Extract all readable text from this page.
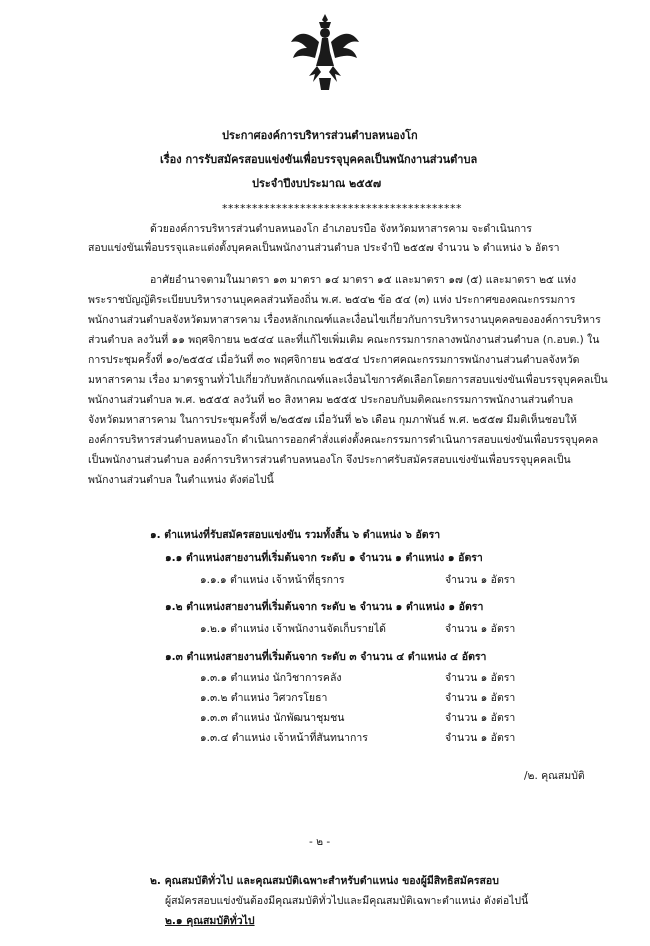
ประกาศองค์การบริหารส่วนตำบลหนองโก
เรื่อง การรับสมัครสอบแข่งขันเพื่อบรรจุบุคคลเป็นพนักงานส่วนตำบล
ประจำปีงบประมาณ ๒๕๕๗
****************************************
ด้วยองค์การบริหารส่วนตำบลหนองโก อำเภอบรบือ จังหวัดมหาสารคาม จะดำเนินการ
สอบแข่งขันเพื่อบรรจุและแต่งตั้งบุคคลเป็นพนักงานส่วนตำบล ประจำปี ๒๕๕๗ จำนวน ๖ ตำแหน่ง ๖ อัตรา
อาศัยอำนาจตามในมาตรา ๑๓ มาตรา ๑๔ มาตรา ๑๕ และมาตรา ๑๗ (๕) และมาตรา ๒๕ แห่ง
พระราชบัญญัติระเบียบบริหารงานบุคคลส่วนท้องถิ่น พ.ศ. ๒๕๔๒ ข้อ ๕๔ (๓) แห่ง ประกาศของคณะกรรมการ
พนักงานส่วนตำบลจังหวัดมหาสารคาม เรื่องหลักเกณฑ์และเงื่อนไขเกี่ยวกับการบริหารงานบุคคลขององค์การบริหาร
ส่วนตำบล ลงวันที่ ๑๑ พฤศจิกายน ๒๕๔๔ และที่แก้ไขเพิ่มเติม คณะกรรมการกลางพนักงานส่วนตำบล (ก.อบต.) ใน
การประชุมครั้งที่ ๑๐/๒๕๕๔ เมื่อวันที่ ๓๐ พฤศจิกายน ๒๕๕๔ ประกาศคณะกรรมการพนักงานส่วนตำบลจังหวัด
มหาสารคาม เรื่อง มาตรฐานทั่วไปเกี่ยวกับหลักเกณฑ์และเงื่อนไขการคัดเลือกโดยการสอบแข่งขันเพื่อบรรจุบุคคลเป็น
พนักงานส่วนตำบล พ.ศ. ๒๕๕๕ ลงวันที่ ๒๐ สิงหาคม ๒๕๕๕ ประกอบกับมติคณะกรรมการพนักงานส่วนตำบล
จังหวัดมหาสารคาม ในการประชุมครั้งที่ ๒/๒๕๕๗ เมื่อวันที่ ๒๖ เดือน กุมภาพันธ์ พ.ศ. ๒๕๕๗ มีมติเห็นชอบให้
องค์การบริหารส่วนตำบลหนองโก ดำเนินการออกคำสั่งแต่งตั้งคณะกรรมการดำเนินการสอบแข่งขันเพื่อบรรจุบุคคล
เป็นพนักงานส่วนตำบล องค์การบริหารส่วนตำบลหนองโก จึงประกาศรับสมัครสอบแข่งขันเพื่อบรรจุบุคคลเป็น
พนักงานส่วนตำบล ในตำแหน่ง ดังต่อไปนี้
๑. ตำแหน่งที่รับสมัครสอบแข่งขัน รวมทั้งสิ้น ๖ ตำแหน่ง ๖ อัตรา
๑.๑ ตำแหน่งสายงานที่เริ่มต้นจาก ระดับ ๑ จำนวน ๑ ตำแหน่ง ๑ อัตรา
๑.๑.๑ ตำแหน่ง เจ้าหน้าที่ธุรการ	จำนวน ๑ อัตรา
๑.๒ ตำแหน่งสายงานที่เริ่มต้นจาก ระดับ ๒ จำนวน ๑ ตำแหน่ง ๑ อัตรา
๑.๒.๑ ตำแหน่ง เจ้าพนักงานจัดเก็บรายได้	จำนวน ๑ อัตรา
๑.๓ ตำแหน่งสายงานที่เริ่มต้นจาก ระดับ ๓ จำนวน ๔ ตำแหน่ง ๔ อัตรา
๑.๓.๑ ตำแหน่ง นักวิชาการคลัง	จำนวน ๑ อัตรา
๑.๓.๒ ตำแหน่ง วิศวกรโยธา	จำนวน ๑ อัตรา
๑.๓.๓ ตำแหน่ง นักพัฒนาชุมชน	จำนวน ๑ อัตรา
๑.๓.๔ ตำแหน่ง เจ้าหน้าที่สันทนาการ	จำนวน ๑ อัตรา
/๒. คุณสมบัติ
- ๒ -
๒. คุณสมบัติทั่วไป และคุณสมบัติเฉพาะสำหรับตำแหน่ง ของผู้มีสิทธิสมัครสอบ
ผู้สมัครสอบแข่งขันต้องมีคุณสมบัติทั่วไปและมีคุณสมบัติเฉพาะตำแหน่ง ดังต่อไปนี้
๒.๑ คุณสมบัติทั่วไป
